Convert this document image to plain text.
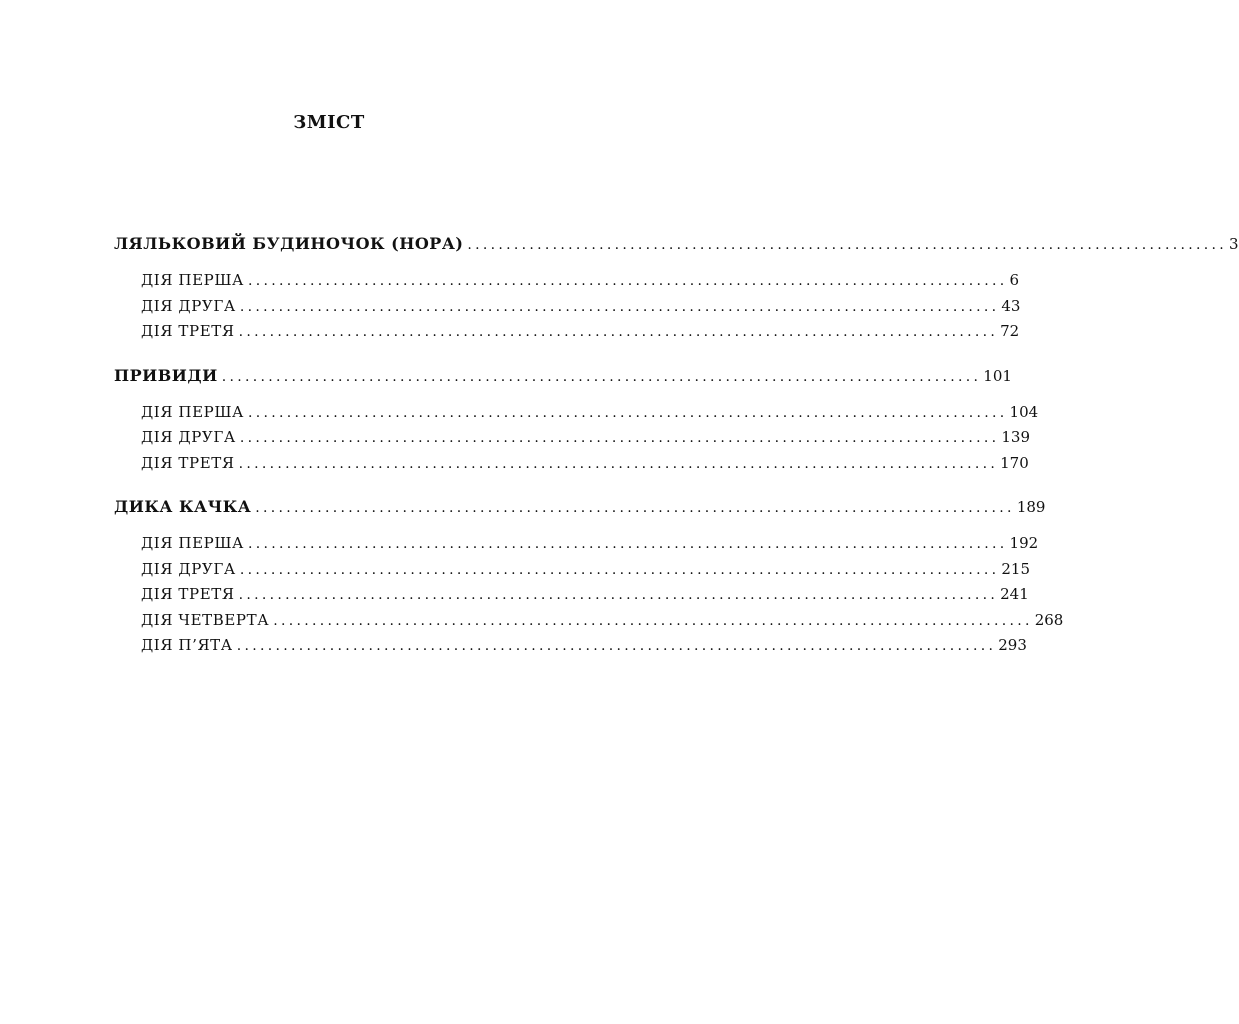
ЗМІСТ
ЛЯЛЬКОВИЙ БУДИНОЧОК (НОРА) .................................................................................................. 3
ДІЯ ПЕРША .................................................................................................. 6
ДІЯ ДРУГА .................................................................................................. 43
ДІЯ ТРЕТЯ .................................................................................................. 72
ПРИВИДИ .................................................................................................. 101
ДІЯ ПЕРША .................................................................................................. 104
ДІЯ ДРУГА .................................................................................................. 139
ДІЯ ТРЕТЯ .................................................................................................. 170
ДИКА КАЧКА .................................................................................................. 189
ДІЯ ПЕРША .................................................................................................. 192
ДІЯ ДРУГА .................................................................................................. 215
ДІЯ ТРЕТЯ .................................................................................................. 241
ДІЯ ЧЕТВЕРТА .................................................................................................. 268
ДІЯ П’ЯТА .................................................................................................. 293
